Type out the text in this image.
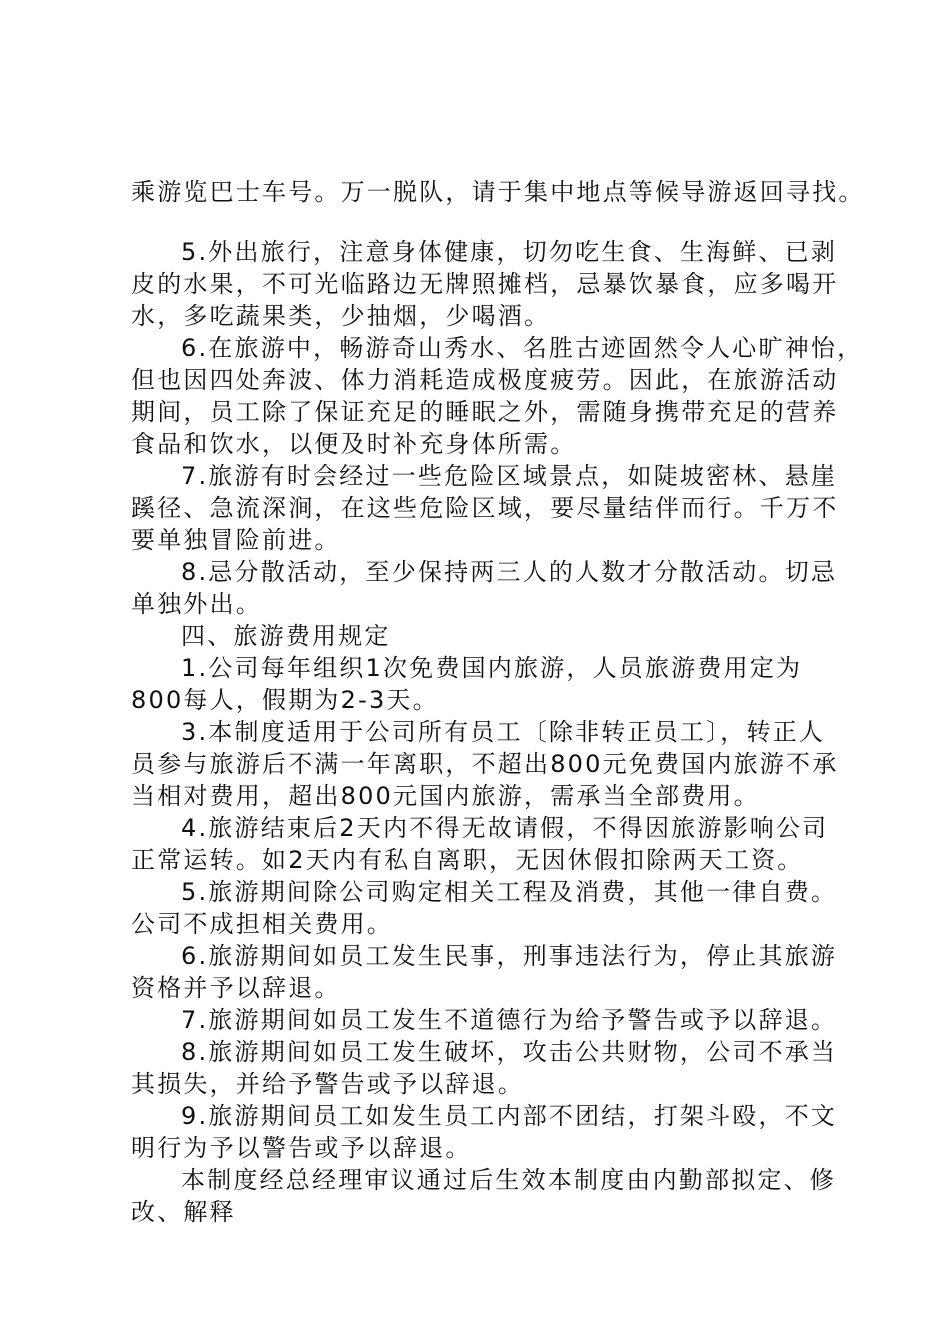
乘游览巴士车号。万一脱队，请于集中地点等候导游返回寻找。
5.外出旅行，注意身体健康，切勿吃生食、生海鲜、已剥
皮的水果，不可光临路边无牌照摊档，忌暴饮暴食，应多喝开
水，多吃蔬果类，少抽烟，少喝酒。
6.在旅游中，畅游奇山秀水、名胜古迹固然令人心旷神怡，
但也因四处奔波、体力消耗造成极度疲劳。因此，在旅游活动
期间，员工除了保证充足的睡眠之外，需随身携带充足的营养
食品和饮水，以便及时补充身体所需。
7.旅游有时会经过一些危险区域景点，如陡坡密林、悬崖
蹊径、急流深涧，在这些危险区域，要尽量结伴而行。千万不
要单独冒险前进。
8.忌分散活动，至少保持两三人的人数才分散活动。切忌
单独外出。
四、旅游费用规定
1.公司每年组织1次免费国内旅游，人员旅游费用定为
800每人，假期为2-3天。
3.本制度适用于公司所有员工〔除非转正员工〕，转正人
员参与旅游后不满一年离职，不超出800元免费国内旅游不承
当相对费用，超出800元国内旅游，需承当全部费用。
4.旅游结束后2天内不得无故请假，不得因旅游影响公司
正常运转。如2天内有私自离职，无因休假扣除两天工资。
5.旅游期间除公司购定相关工程及消费，其他一律自费。
公司不成担相关费用。
6.旅游期间如员工发生民事，刑事违法行为，停止其旅游
资格并予以辞退。
7.旅游期间如员工发生不道德行为给予警告或予以辞退。
8.旅游期间如员工发生破坏，攻击公共财物，公司不承当
其损失，并给予警告或予以辞退。
9.旅游期间员工如发生员工内部不团结，打架斗殴，不文
明行为予以警告或予以辞退。
本制度经总经理审议通过后生效本制度由内勤部拟定、修
改、解释
